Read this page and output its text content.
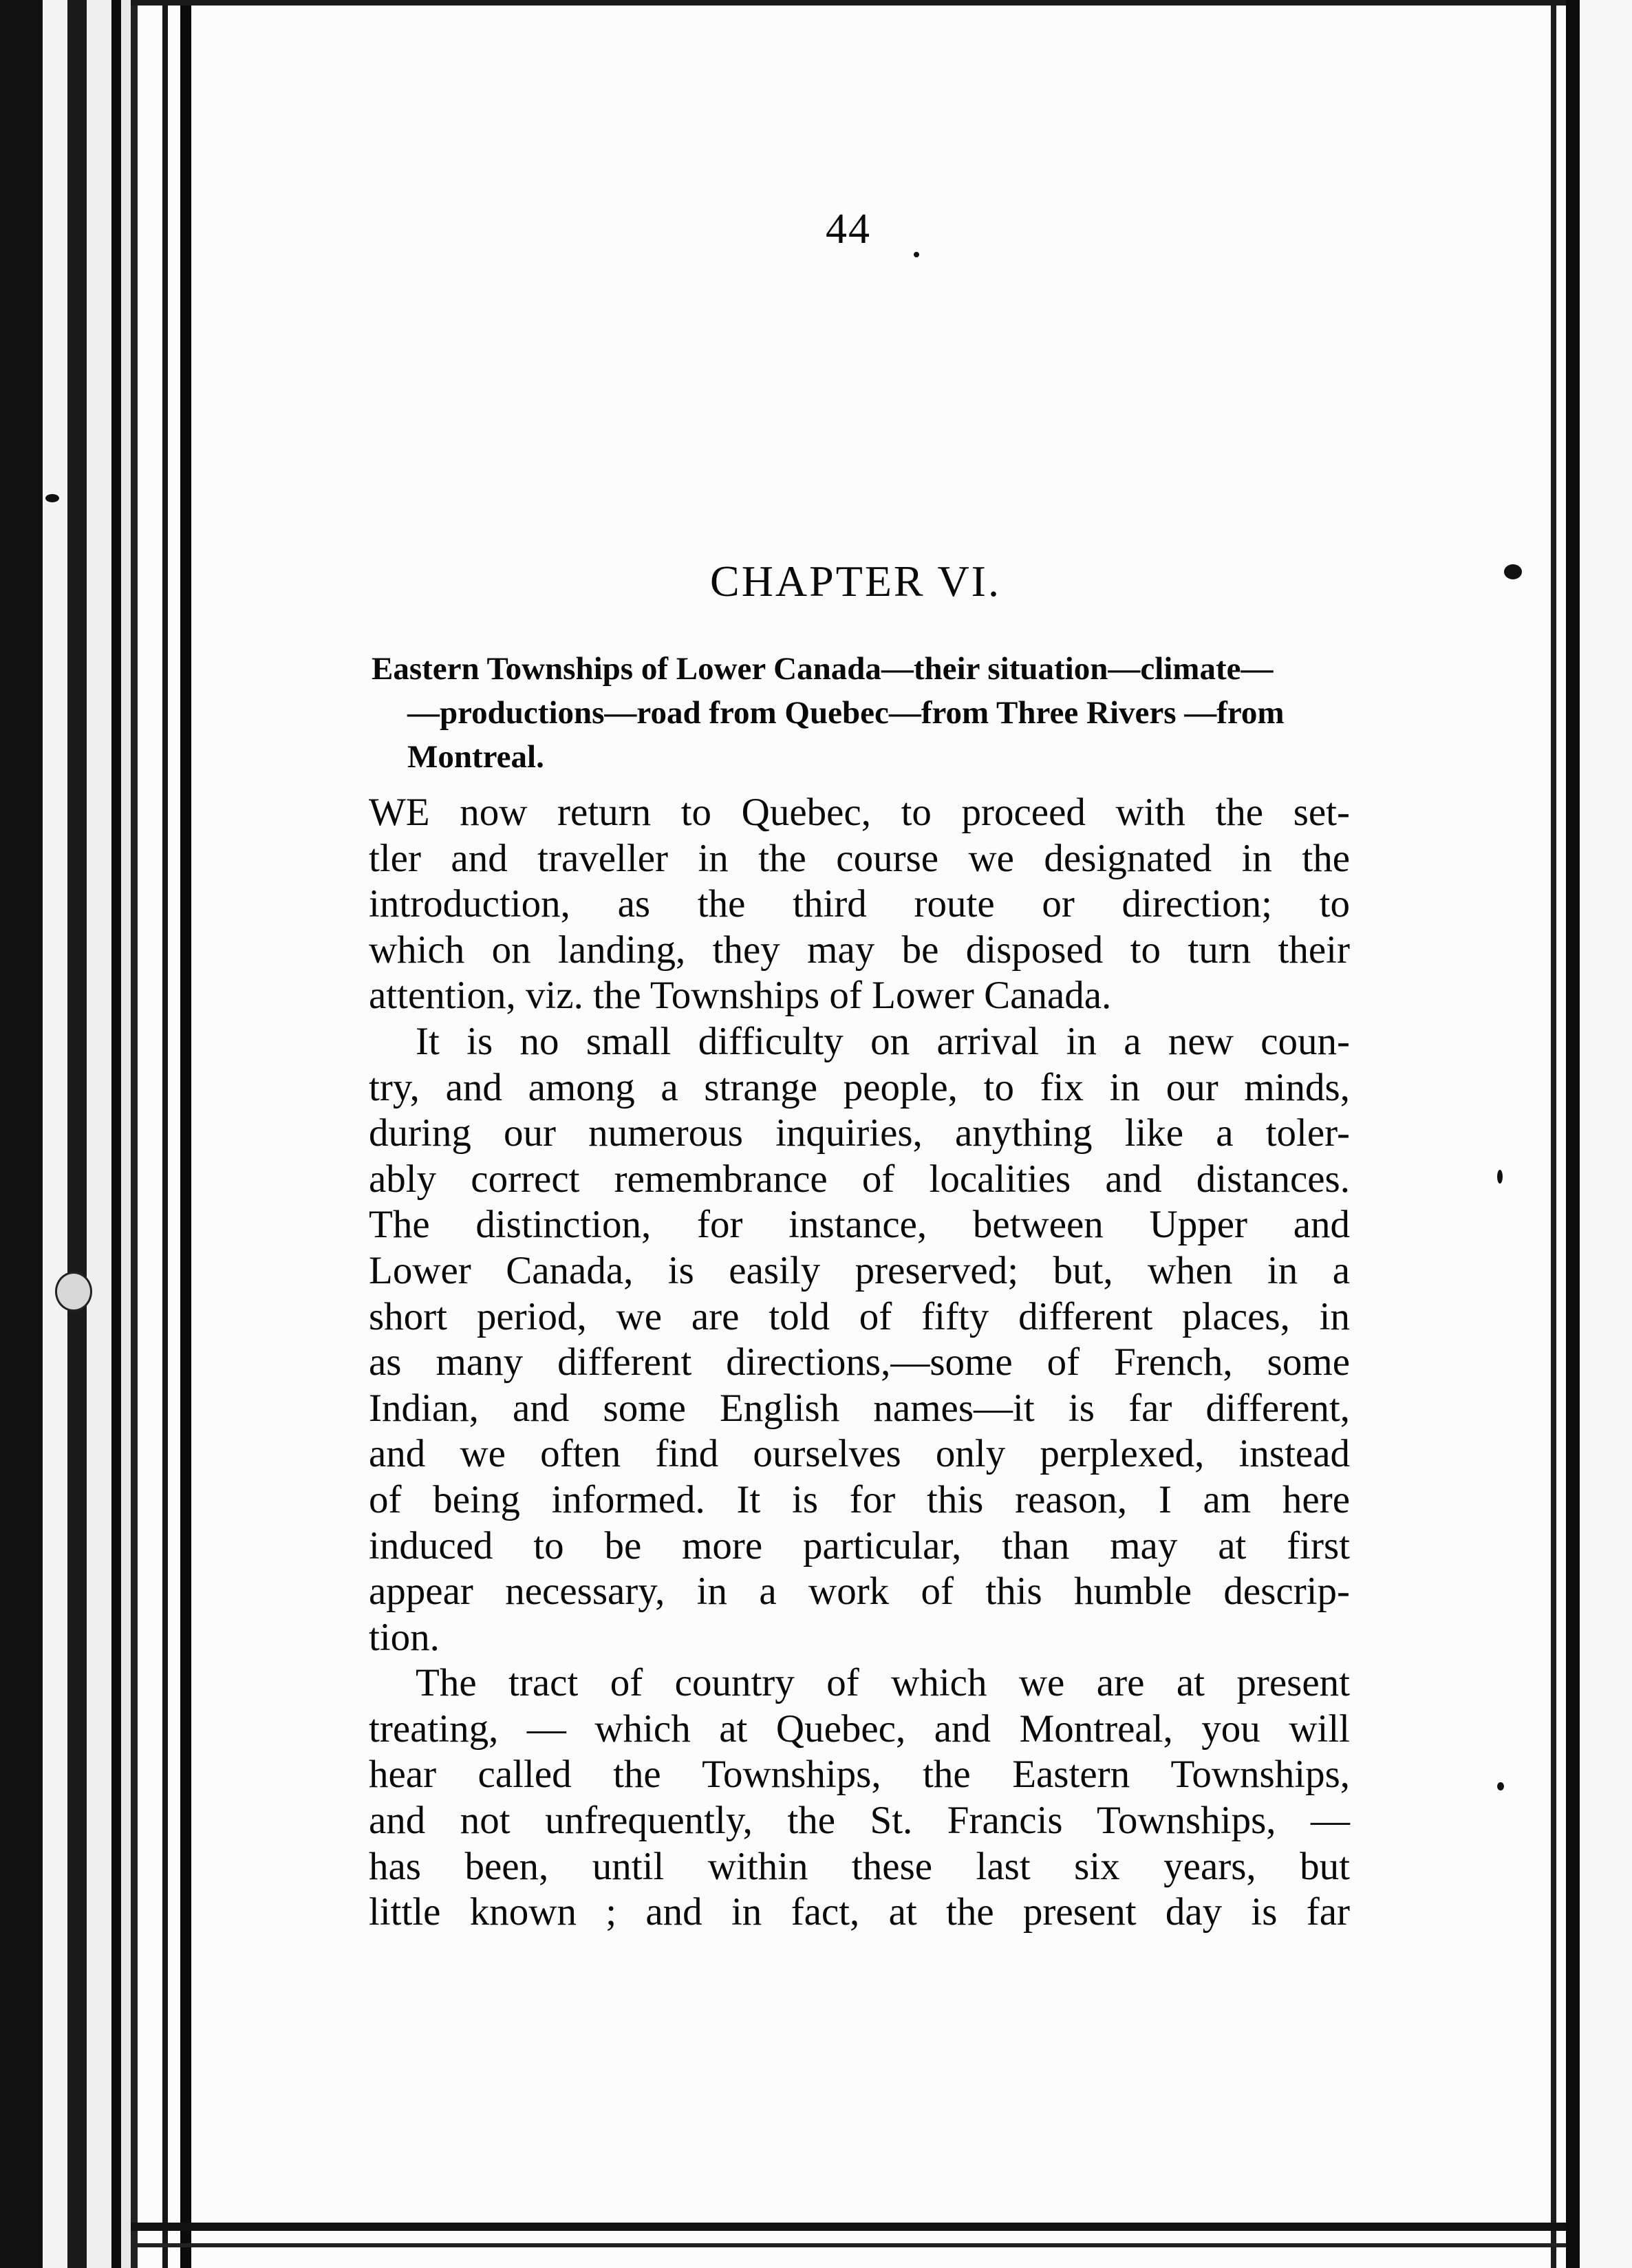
44
CHAPTER VI.
Eastern Townships of Lower Canada—their situation—climate—
—productions—road from Quebec—from Three Rivers —from
Montreal.
WE now return to Quebec, to proceed with the set-
tler and traveller in the course we designated in the
introduction, as the third route or direction; to
which on landing, they may be disposed to turn their
attention, viz. the Townships of Lower Canada.
It is no small difficulty on arrival in a new coun-
try, and among a strange people, to fix in our minds,
during our numerous inquiries, anything like a toler-
ably correct remembrance of localities and distances.
The distinction, for instance, between Upper and
Lower Canada, is easily preserved; but, when in a
short period, we are told of fifty different places, in
as many different directions,—some of French, some
Indian, and some English names—it is far different,
and we often find ourselves only perplexed, instead
of being informed. It is for this reason, I am here
induced to be more particular, than may at first
appear necessary, in a work of this humble descrip-
tion.
The tract of country of which we are at present
treating, — which at Quebec, and Montreal, you will
hear called the Townships, the Eastern Townships,
and not unfrequently, the St. Francis Townships, —
has been, until within these last six years, but
little known ; and in fact, at the present day is far
